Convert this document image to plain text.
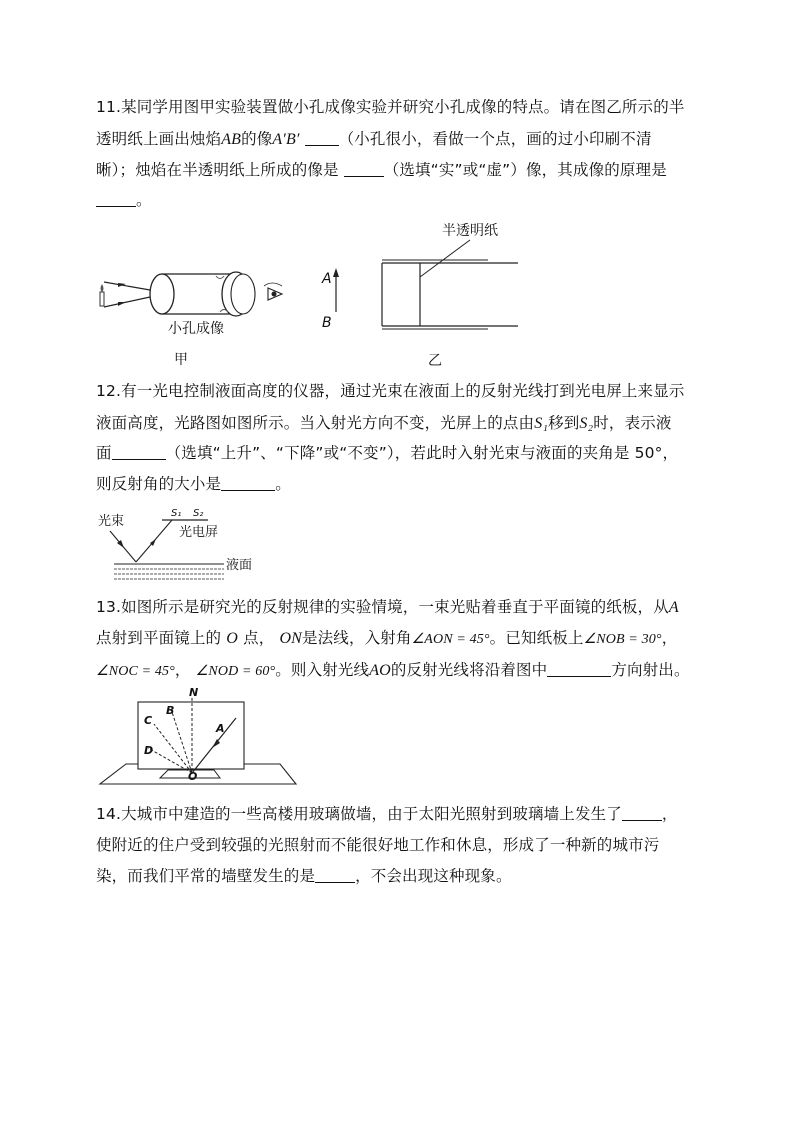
11.某同学用图甲实验装置做小孔成像实验并研究小孔成像的特点。请在图乙所示的半
透明纸上画出烛焰AB的像A′B′	（小孔很小，看做一个点，画的过小印刷不清
晰）；烛焰在半透明纸上所成的像是	（选填“实”或“虚”）像，其成像的原理是
。
小孔成像
甲
半透明纸
A
B
乙
12.有一光电控制液面高度的仪器，通过光束在液面上的反射光线打到光电屏上来显示
液面高度，光路图如图所示。当入射光方向不变，光屏上的点由S₁移到S₂时，表示液
面	（选填“上升”、“下降”或“不变”），若此时入射光束与液面的夹角是 50°，
则反射角的大小是	。
光束
S₁ S₂
光电屏
液面
13.如图所示是研究光的反射规律的实验情境，一束光贴着垂直于平面镜的纸板，从A
点射到平面镜上的 O 点， ON是法线，入射角∠AON = 45°。已知纸板上∠NOB = 30°，
∠NOC = 45°， ∠NOD = 60°。则入射光线AO的反射光线将沿着图中	方向射出。
N
B
C
D
A
O
14.大城市中建造的一些高楼用玻璃做墙，由于太阳光照射到玻璃墙上发生了	，
使附近的住户受到较强的光照射而不能很好地工作和休息，形成了一种新的城市污
染，而我们平常的墙壁发生的是	，不会出现这种现象。
